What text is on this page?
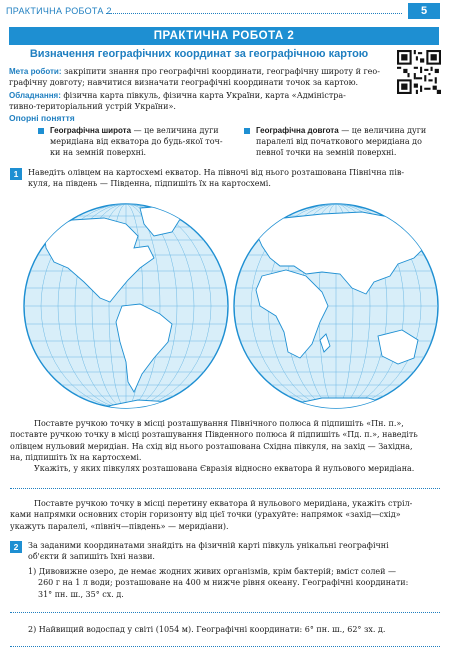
ПРАКТИЧНА РОБОТА 2	5
ПРАКТИЧНА РОБОТА 2
Визначення географічних координат за географічною картою
Мета роботи: закріпити знання про географічні координати, географічну широту й гео-
графічну довготу; навчитися визначати географічні координати точок за картою.
Обладнання: фізична карта півкуль, фізична карта України, карта «Адміністра-
тивно-територіальний устрій України».
Опорні поняття
Географічна широта — це величина дуги
меридіана від екватора до будь-якої точ-
ки на земній поверхні.
Географічна довгота — це величина дуги
паралелі від початкового меридіана до
певної точки на земній поверхні.
1	Наведіть олівцем на картосхемі екватор. На півночі від нього розташована Північна пів-
куля, на південь — Південна, підпишіть їх на картосхемі.
Поставте ручкою точку в місці розташування Північного полюса й підпишіть «Пн. п.»,
поставте ручкою точку в місці розташування Південного полюса й підпишіть «Пд. п.», наведіть
олівцем нульовий меридіан. На схід від нього розташована Східна півкуля, на захід — Західна,
на, підпишіть їх на картосхемі.
Укажіть, у яких півкулях розташована Євразія відносно екватора й нульового меридіана.
Поставте ручкою точку в місці перетину екватора й нульового меридіана, укажіть стріл-
ками напрямки основних сторін горизонту від цієї точки (урахуйте: напрямок «захід—схід»
укажуть паралелі, «північ—південь» — меридіани).
2	За заданими координатами знайдіть на фізичній карті півкуль унікальні географічні
об'єкти й запишіть їхні назви.
1) Дивовижне озеро, де немає жодних живих організмів, крім бактерій; вміст солей —
260 г на 1 л води; розташоване на 400 м нижче рівня океану. Географічні координати:
31° пн. ш., 35° сх. д.
2) Найвищий водоспад у світі (1054 м). Географічні координати: 6° пн. ш., 62° зх. д.
